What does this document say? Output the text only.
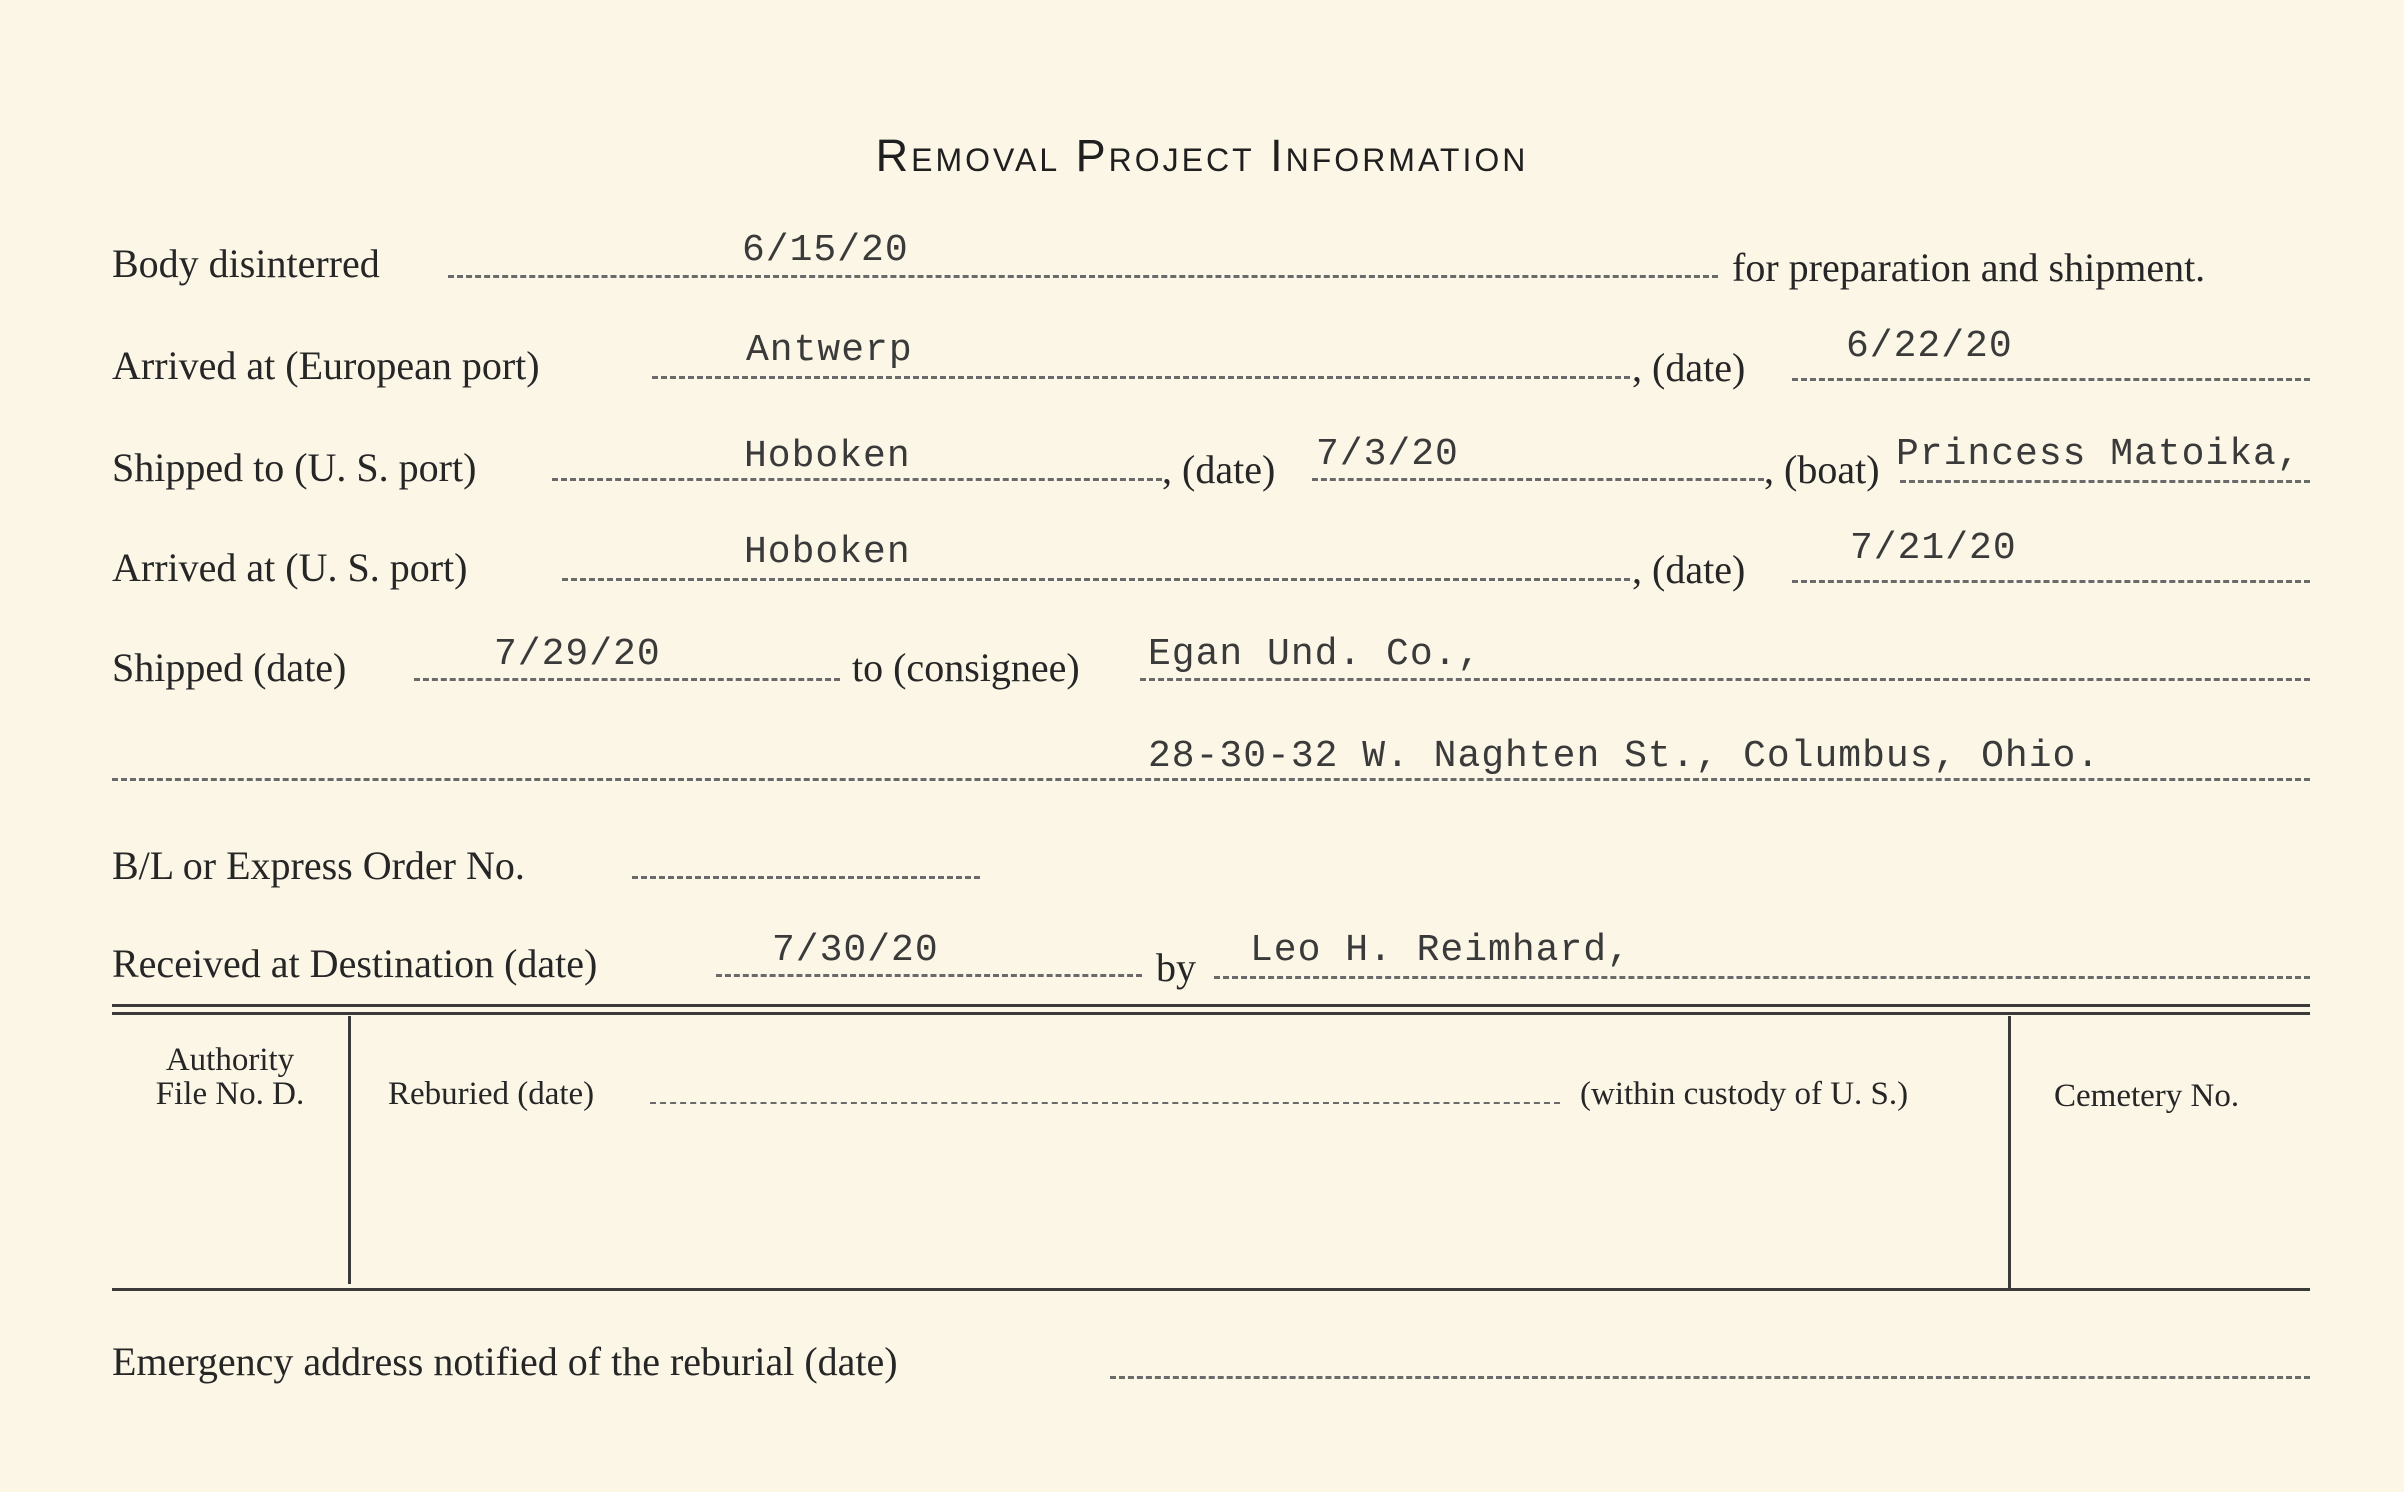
Removal Project Information
Body disinterred	6/15/20	for preparation and shipment.
Arrived at (European port)	Antwerp	, (date)	6/22/20
Shipped to (U. S. port)	Hoboken	, (date) 7/3/20	, (boat) Princess Matoika,
Arrived at (U. S. port)	Hoboken	, (date)	7/21/20
Shipped (date)	7/29/20	to (consignee) Egan Und. Co.,
28-30-32 W. Naghten St., Columbus, Ohio.
B/L or Express Order No.
Received at Destination (date)	7/30/20	by Leo H. Reimhard,
Authority
File No. D.	Reburied (date)	(within custody of U. S.)	Cemetery No.
Emergency address notified of the reburial (date)
